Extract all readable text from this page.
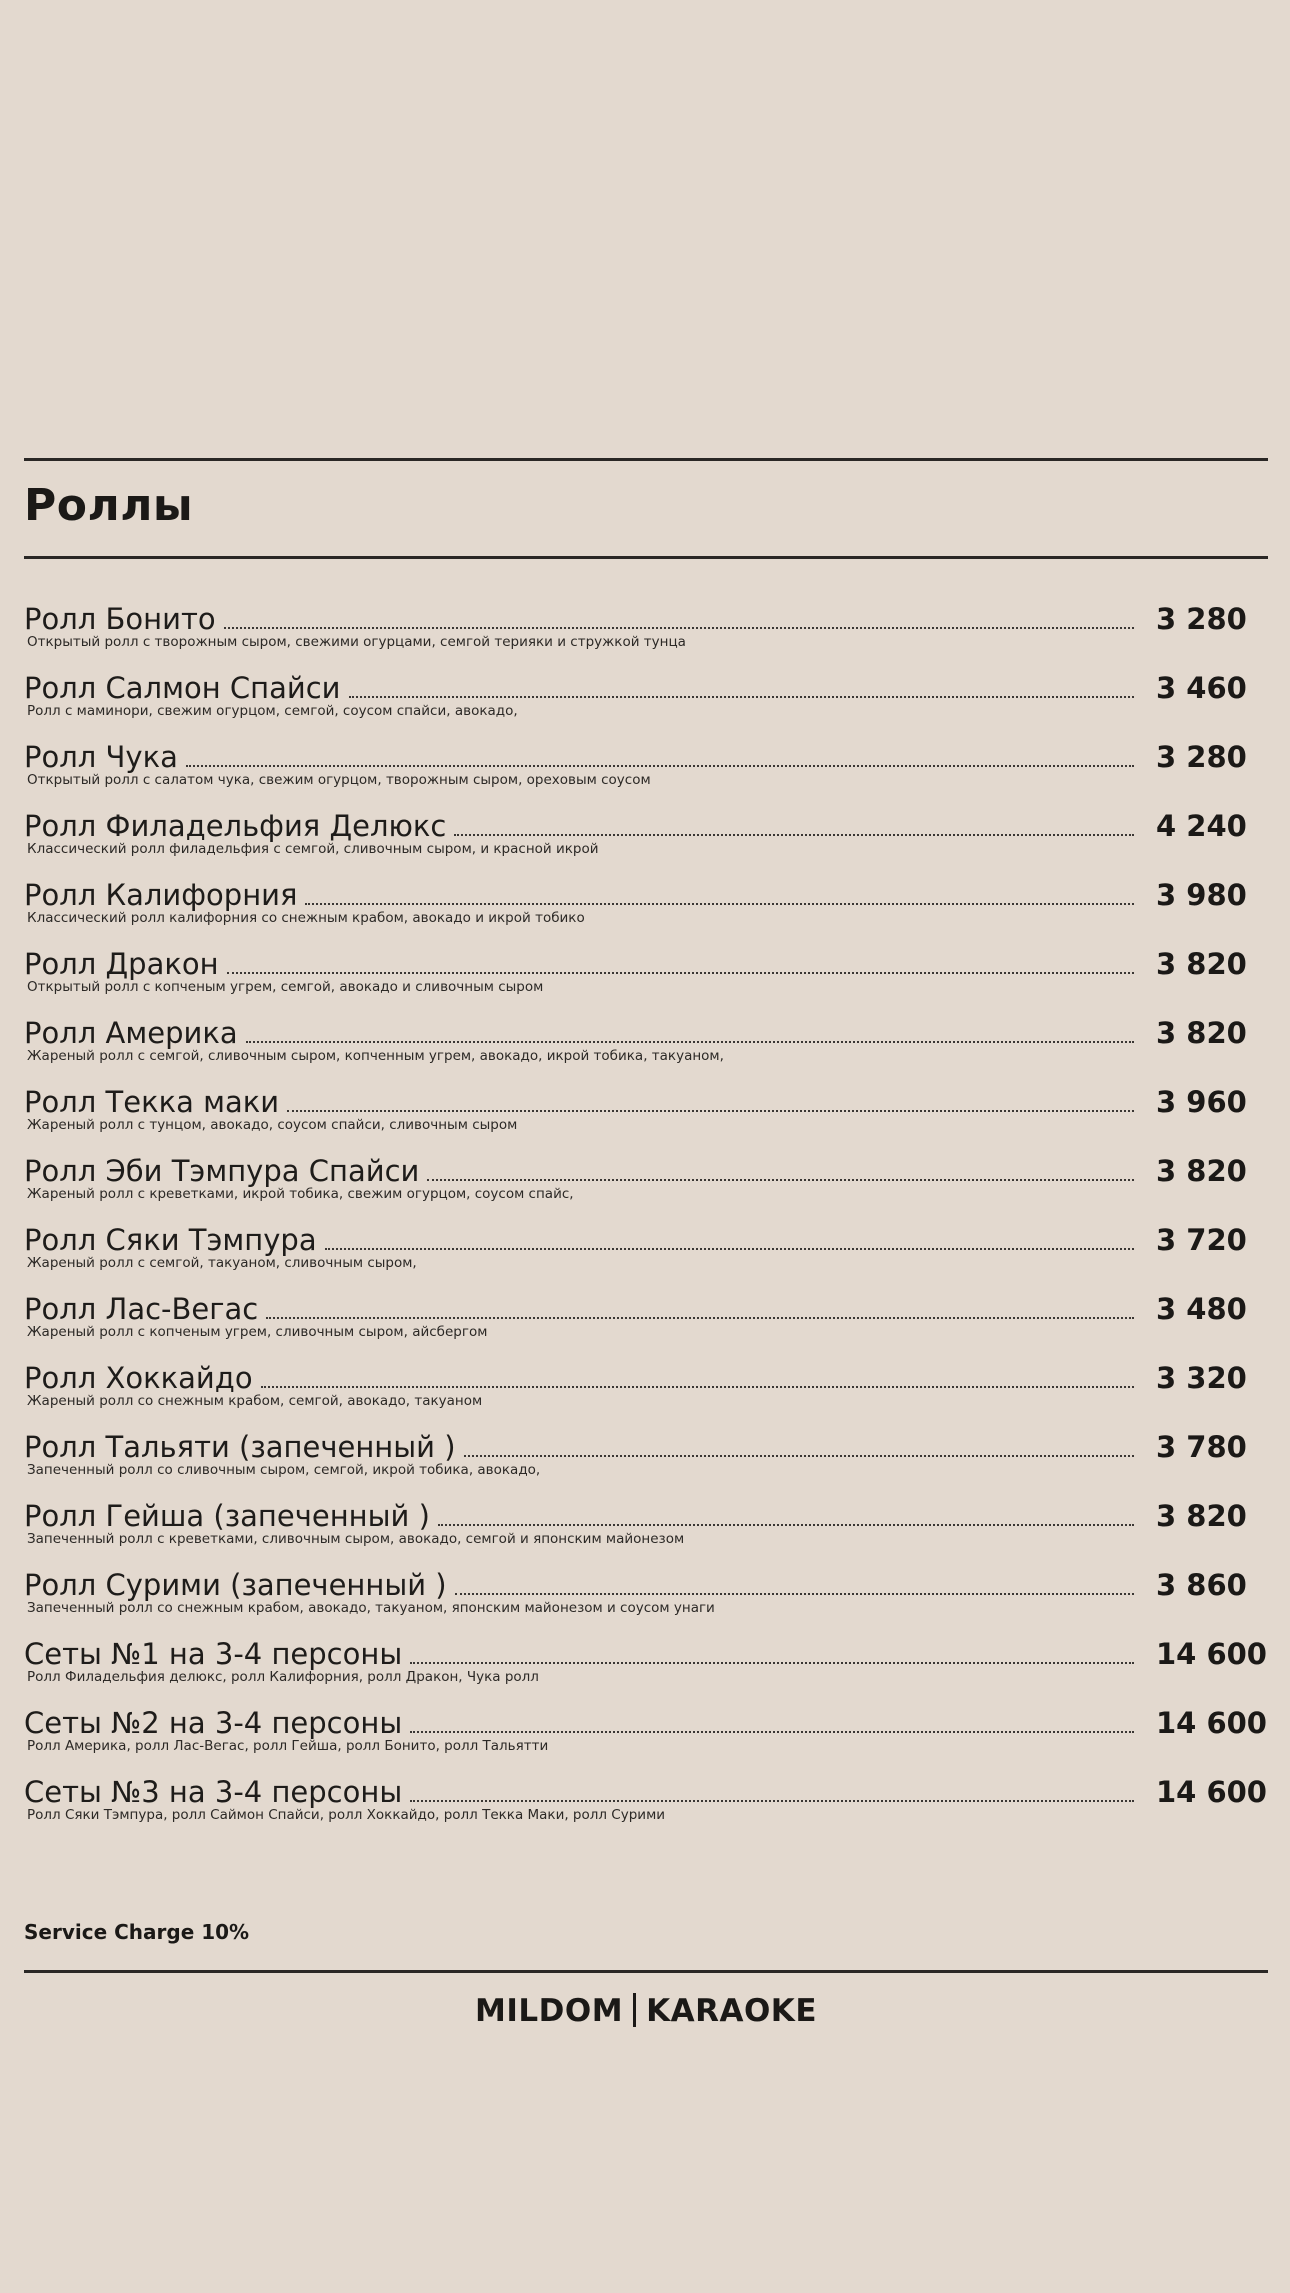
Роллы
Ролл Бонито	3 280
Открытый ролл с творожным сыром, свежими огурцами, семгой терияки и стружкой тунца
Ролл Салмон Спайси	3 460
Ролл с маминори, свежим огурцом, семгой, соусом спайси, авокадо,
Ролл Чука	3 280
Открытый ролл с салатом чука, свежим огурцом, творожным сыром, ореховым соусом
Ролл Филадельфия Делюкс	4 240
Классический ролл филадельфия с семгой, сливочным сыром, и красной икрой
Ролл Калифорния	3 980
Классический ролл калифорния со снежным крабом, авокадо и икрой тобико
Ролл Дракон	3 820
Открытый ролл с копченым угрем, семгой, авокадо и сливочным сыром
Ролл Америка	3 820
Жареный ролл с семгой, сливочным сыром, копченным угрем, авокадо, икрой тобика, такуаном,
Ролл Текка маки	3 960
Жареный ролл с тунцом, авокадо, соусом спайси, сливочным сыром
Ролл Эби Тэмпура Спайси	3 820
Жареный ролл с креветками, икрой тобика, свежим огурцом, соусом спайс,
Ролл Сяки Тэмпура	3 720
Жареный ролл с семгой, такуаном, сливочным сыром,
Ролл Лас-Вегас	3 480
Жареный ролл с копченым угрем, сливочным сыром, айсбергом
Ролл Хоккайдо	3 320
Жареный ролл со снежным крабом, семгой, авокадо, такуаном
Ролл Тальяти (запеченный )	3 780
Запеченный ролл со сливочным сыром, семгой, икрой тобика, авокадо,
Ролл Гейша (запеченный )	3 820
Запеченный ролл с креветками, сливочным сыром, авокадо, семгой и японским майонезом
Ролл Сурими (запеченный )	3 860
Запеченный ролл со снежным крабом, авокадо, такуаном, японским майонезом и соусом унаги
Сеты №1 на 3-4 персоны	14 600
Ролл Филадельфия делюкс, ролл Калифорния, ролл Дракон, Чука ролл
Сеты №2 на 3-4 персоны	14 600
Ролл Америка, ролл Лас-Вегас, ролл Гейша, ролл Бонито, ролл Тальятти
Сеты №3 на 3-4 персоны	14 600
Ролл Сяки Тэмпура, ролл Саймон Спайси, ролл Хоккайдо, ролл Текка Маки, ролл Сурими
Service Charge 10%
MILDOM KARAOKE
